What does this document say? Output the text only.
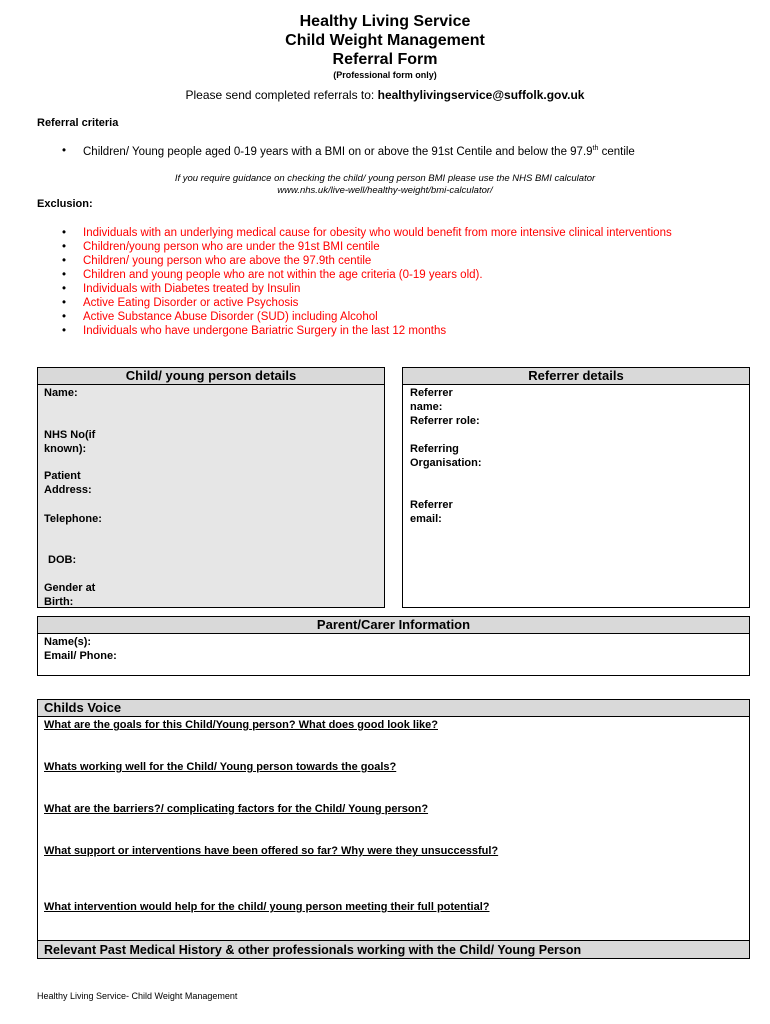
Healthy Living Service
Child Weight Management
Referral Form
(Professional form only)
Please send completed referrals to: healthylivingservice@suffolk.gov.uk
Referral criteria
• Children/ Young people aged 0-19 years with a BMI on or above the 91st Centile and below the 97.9th centile
If you require guidance on checking the child/ young person BMI please use the NHS BMI calculator
www.nhs.uk/live-well/healthy-weight/bmi-calculator/
Exclusion:
• Individuals with an underlying medical cause for obesity who would benefit from more intensive clinical interventions
• Children/young person who are under the 91st BMI centile
• Children/ young person who are above the 97.9th centile
• Children and young people who are not within the age criteria (0-19 years old).
• Individuals with Diabetes treated by Insulin
• Active Eating Disorder or active Psychosis
• Active Substance Abuse Disorder (SUD) including Alcohol
• Individuals who have undergone Bariatric Surgery in the last 12 months
Child/ young person details
Name:
NHS No(if known):
Patient Address:
Telephone:
DOB:
Gender at Birth:
Referrer details
Referrer name:
Referrer role:
Referring Organisation:
Referrer email:
Parent/Carer Information
Name(s):
Email/ Phone:
Childs Voice
What are the goals for this Child/Young person? What does good look like?
Whats working well for the Child/ Young person towards the goals?
What are the barriers?/ complicating factors for the Child/ Young person?
What support or interventions have been offered so far? Why were they unsuccessful?
What intervention would help for the child/ young person meeting their full potential?
Relevant Past Medical History & other professionals working with the Child/ Young Person
Healthy Living Service- Child Weight Management
